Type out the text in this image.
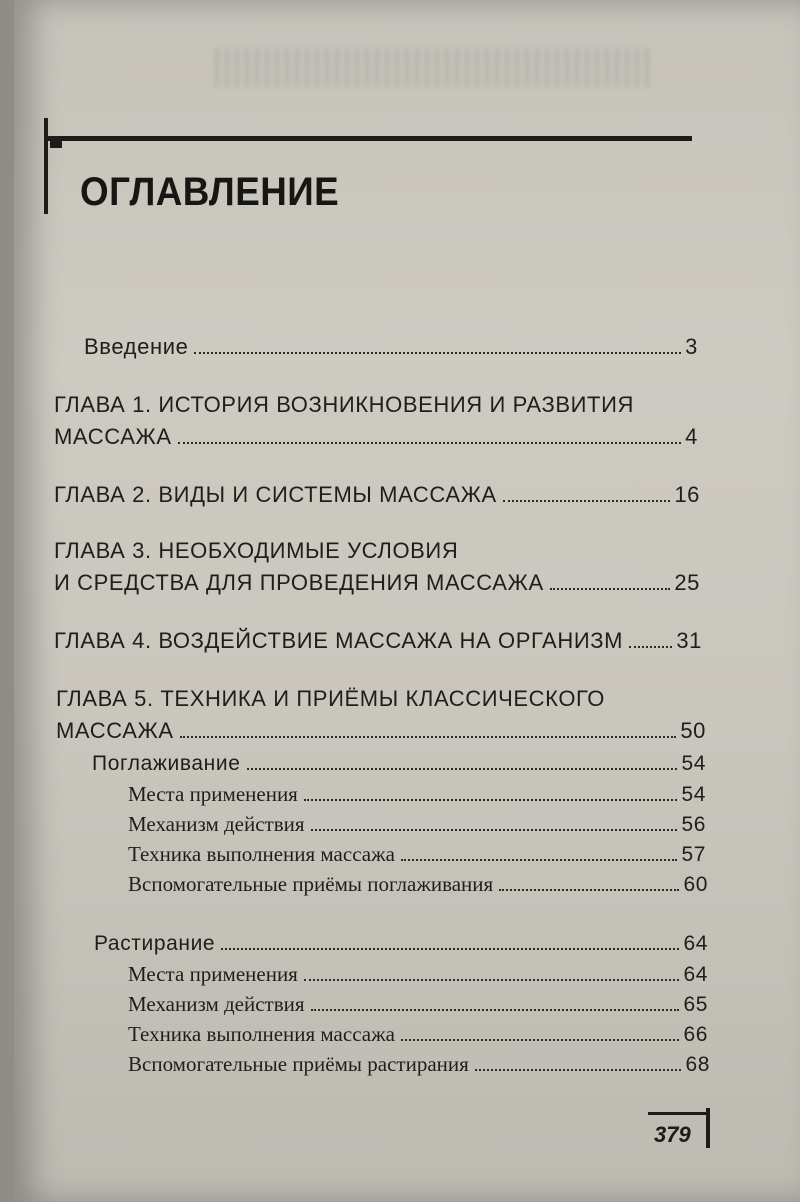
ОГЛАВЛЕНИЕ
Введение	3
ГЛАВА 1. ИСТОРИЯ ВОЗНИКНОВЕНИЯ И РАЗВИТИЯ
МАССАЖА	4
ГЛАВА 2. ВИДЫ И СИСТЕМЫ МАССАЖА	16
ГЛАВА 3. НЕОБХОДИМЫЕ УСЛОВИЯ
И СРЕДСТВА ДЛЯ ПРОВЕДЕНИЯ МАССАЖА	25
ГЛАВА 4. ВОЗДЕЙСТВИЕ МАССАЖА НА ОРГАНИЗМ 31
ГЛАВА 5. ТЕХНИКА И ПРИЁМЫ КЛАССИЧЕСКОГО
МАССАЖА	50
Поглаживание	54
Места применения	54
Механизм действия	56
Техника выполнения массажа	57
Вспомогательные приёмы поглаживания	60
Растирание	64
Места применения	64
Механизм действия	65
Техника выполнения массажа	66
Вспомогательные приёмы растирания	68
379
